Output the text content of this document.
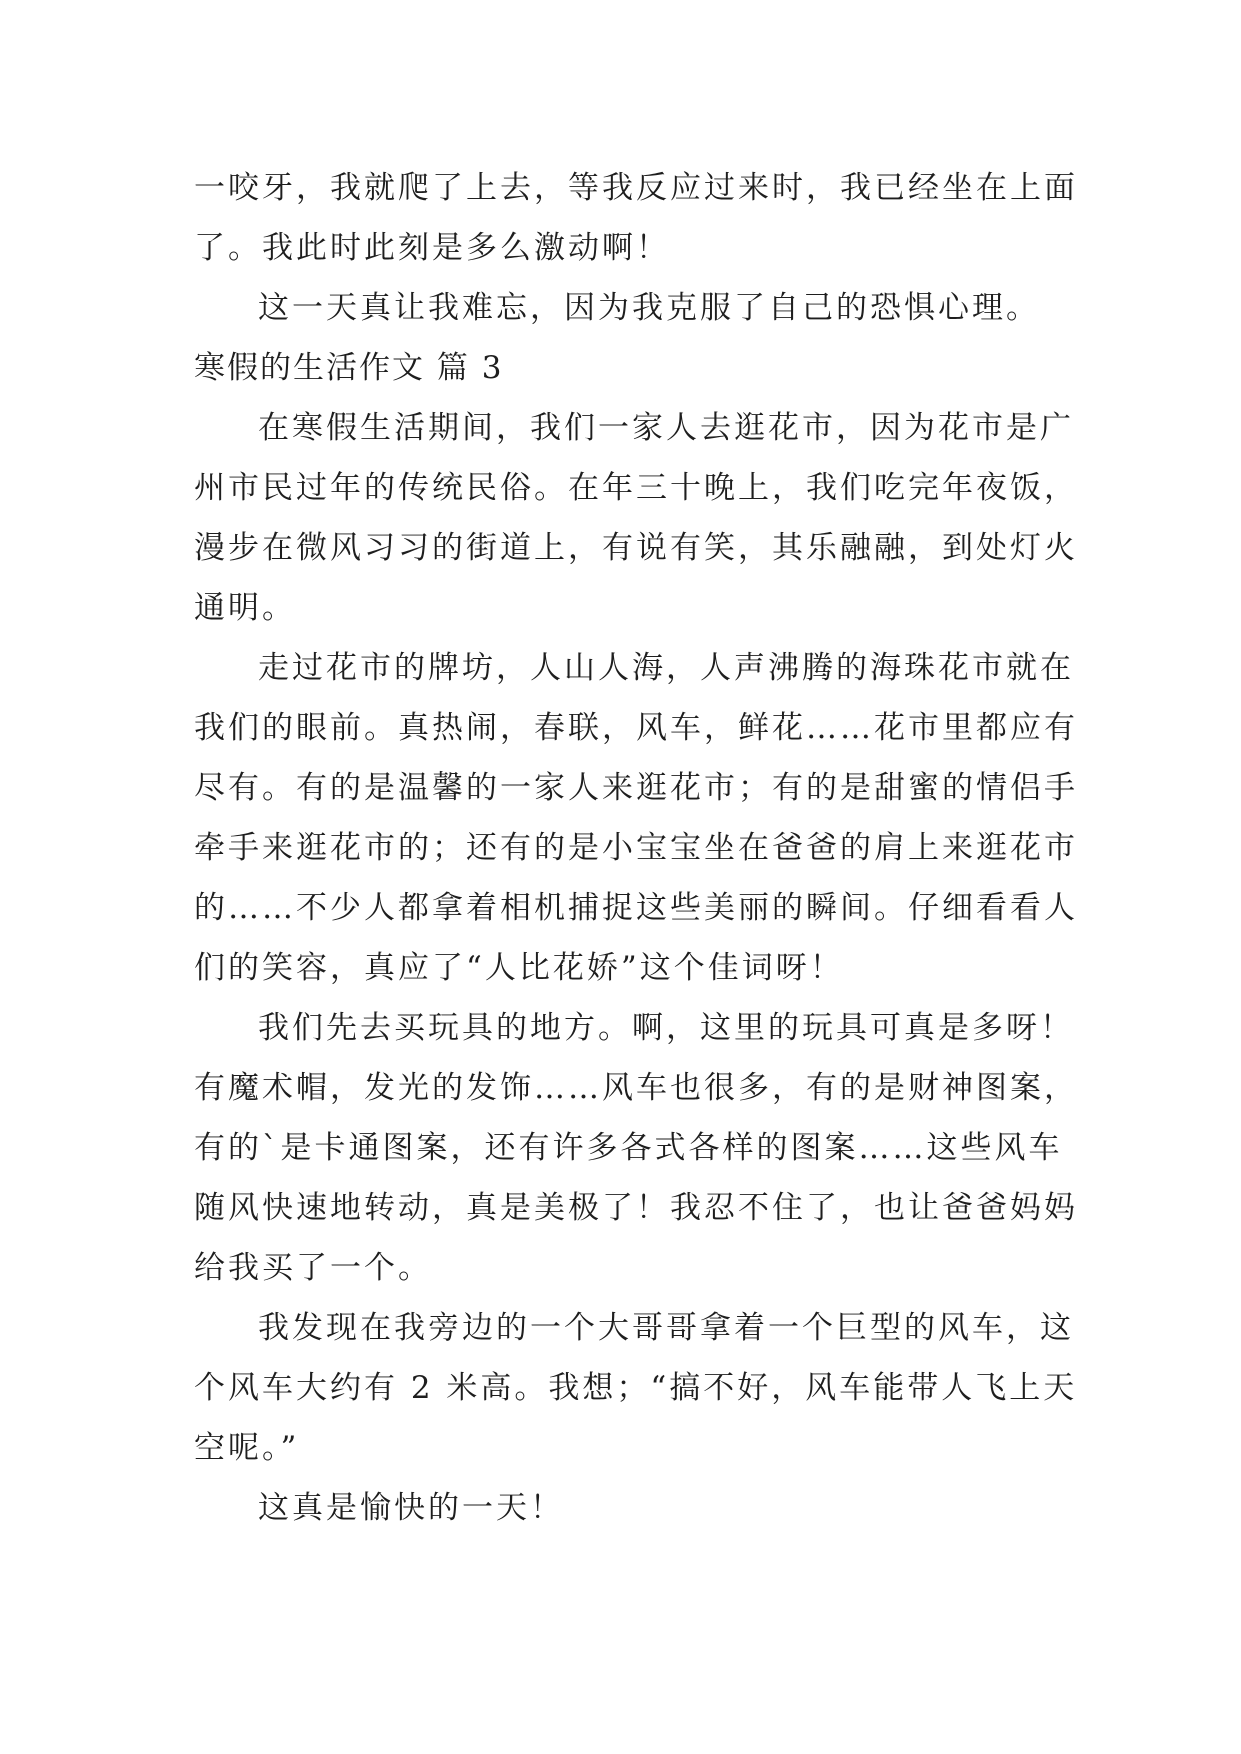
一咬牙，我就爬了上去，等我反应过来时，我已经坐在上面
了。我此时此刻是多么激动啊！
这一天真让我难忘，因为我克服了自己的恐惧心理。
寒假的生活作文 篇 3
在寒假生活期间，我们一家人去逛花市，因为花市是广
州市民过年的传统民俗。在年三十晚上，我们吃完年夜饭，
漫步在微风习习的街道上，有说有笑，其乐融融，到处灯火
通明。
走过花市的牌坊，人山人海，人声沸腾的海珠花市就在
我们的眼前。真热闹，春联，风车，鲜花……花市里都应有
尽有。有的是温馨的一家人来逛花市；有的是甜蜜的情侣手
牵手来逛花市的；还有的是小宝宝坐在爸爸的肩上来逛花市
的……不少人都拿着相机捕捉这些美丽的瞬间。仔细看看人
们的笑容，真应了“人比花娇”这个佳词呀！
我们先去买玩具的地方。啊，这里的玩具可真是多呀！
有魔术帽，发光的发饰……风车也很多，有的是财神图案，
有的`是卡通图案，还有许多各式各样的图案……这些风车
随风快速地转动，真是美极了！我忍不住了，也让爸爸妈妈
给我买了一个。
我发现在我旁边的一个大哥哥拿着一个巨型的风车，这
个风车大约有 2 米高。我想；“搞不好，风车能带人飞上天
空呢。”
这真是愉快的一天！
